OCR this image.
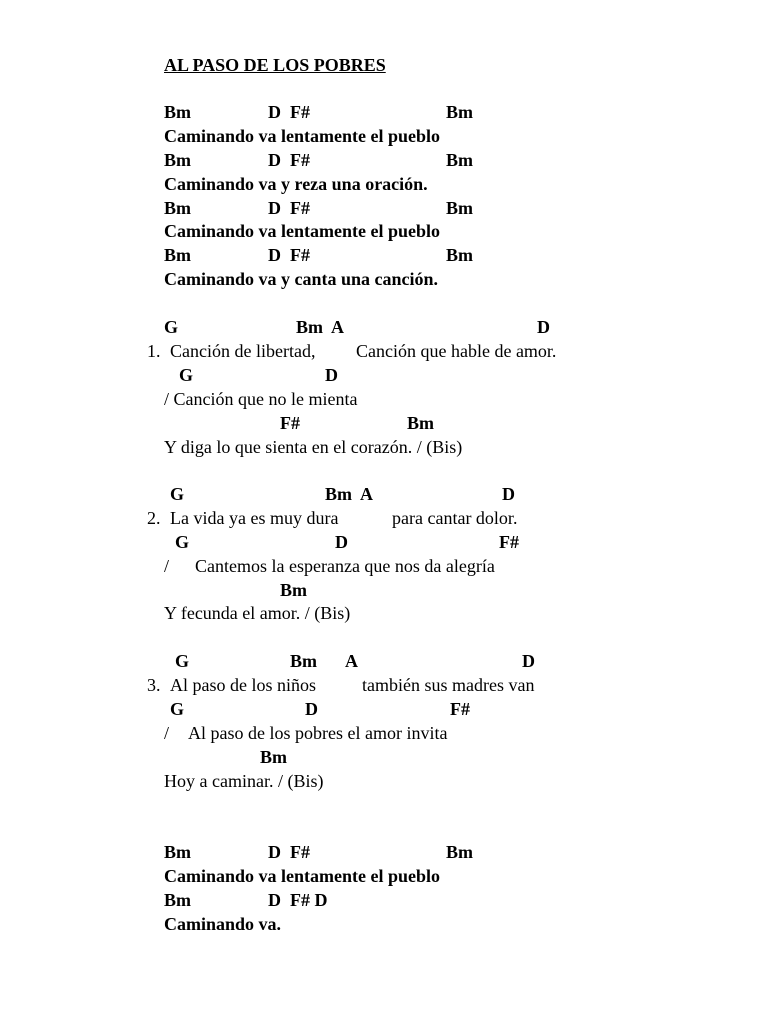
AL PASO DE LOS POBRES
Bm	D  F#	Bm
Caminando va lentamente el pueblo
Bm	D  F#	Bm
Caminando va y reza una oración.
Bm	D  F#	Bm
Caminando va lentamente el pueblo
Bm	D  F#	Bm
Caminando va y canta una canción.
G	Bm  A	D
1. Canción de libertad, Canción que hable de amor.
G	D
/ Canción que no le mienta
F#	Bm
Y diga lo que sienta en el corazón. / (Bis)
G	Bm  A	D
2. La vida ya es muy dura	para cantar dolor.
G	D	F#
/ Cantemos la esperanza que nos da alegría
Bm
Y fecunda el amor. / (Bis)
G	Bm A	D
3. Al paso de los niños	también sus madres van
G	D	F#
/ Al paso de los pobres el amor invita
Bm
Hoy a caminar. / (Bis)
Bm	D  F#	Bm
Caminando va lentamente el pueblo
Bm	D  F# D
Caminando va.
